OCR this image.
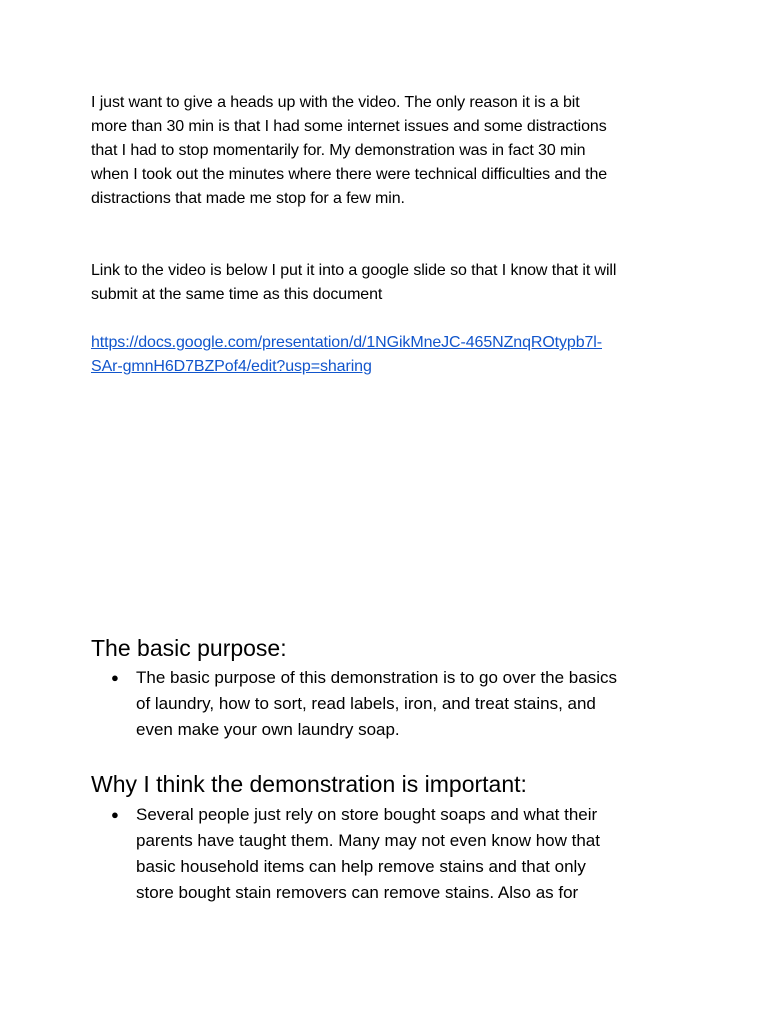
I just want to give a heads up with the video. The only reason it is a bit
more than 30 min is that I had some internet issues and some distractions
that I had to stop momentarily for. My demonstration was in fact 30 min
when I took out the minutes where there were technical difficulties and the
distractions that made me stop for a few min.
Link to the video is below I put it into a google slide so that I know that it will
submit at the same time as this document
https://docs.google.com/presentation/d/1NGikMneJC-465NZnqROtypb7l-
SAr-gmnH6D7BZPof4/edit?usp=sharing
The basic purpose:
●	The basic purpose of this demonstration is to go over the basics
of laundry, how to sort, read labels, iron, and treat stains, and
even make your own laundry soap.
Why I think the demonstration is important:
●	Several people just rely on store bought soaps and what their
parents have taught them. Many may not even know how that
basic household items can help remove stains and that only
store bought stain removers can remove stains. Also as for
